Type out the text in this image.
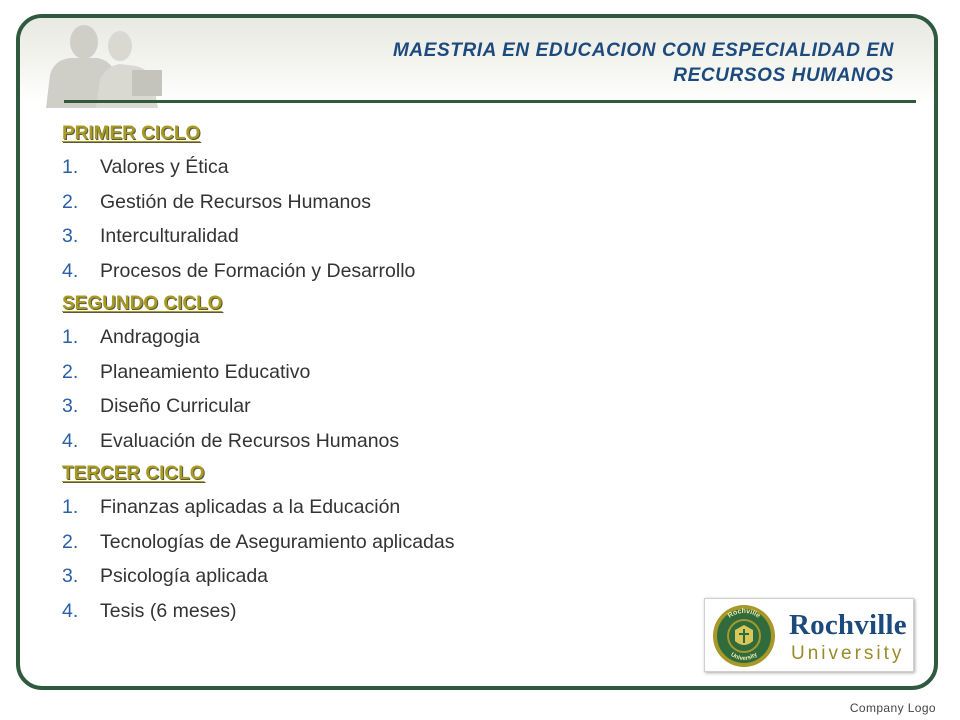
MAESTRIA EN EDUCACION CON ESPECIALIDAD EN
RECURSOS HUMANOS
PRIMER CICLO
1.	Valores y Ética
2.	Gestión de Recursos Humanos
3.	Interculturalidad
4.	Procesos de Formación y Desarrollo
SEGUNDO CICLO
1.	Andragogia
2.	Planeamiento Educativo
3.	Diseño Curricular
4.	Evaluación de Recursos Humanos
TERCER CICLO
1.	Finanzas aplicadas a la Educación
2.	Tecnologías de Aseguramiento aplicadas
3.	Psicología aplicada
4.	Tesis (6 meses)	Rochville
University
Rochville
University
Company Logo
